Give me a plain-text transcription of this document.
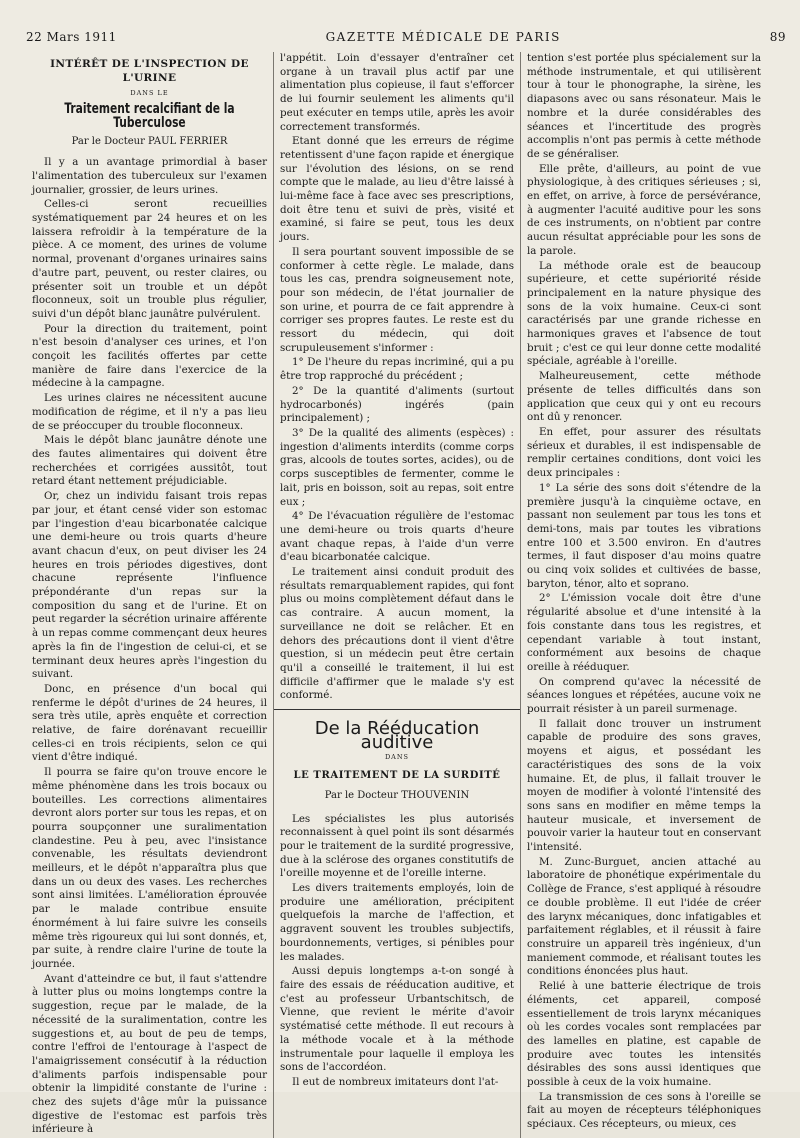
22 Mars 1911	GAZETTE MÉDICALE DE PARIS	89
INTÉRÊT DE L'INSPECTION DE L'URINE
DANS LE
Traitement recalcifiant de la Tuberculose
Par le Docteur PAUL FERRIER

Il y a un avantage primordial à baser l'alimentation des tuberculeux sur l'examen journalier, grossier, de leurs urines.

Celles-ci seront recueillies systématiquement par 24 heures et on les laissera refroidir à la température de la pièce. A ce moment, des urines de volume normal, provenant d'organes urinaires sains d'autre part, peuvent, ou rester claires, ou présenter soit un trouble et un dépôt floconneux, soit un trouble plus régulier, suivi d'un dépôt blanc jaunâtre pulvérulent.

Pour la direction du traitement, point n'est besoin d'analyser ces urines, et l'on conçoit les facilités offertes par cette manière de faire dans l'exercice de la médecine à la campagne.

Les urines claires ne nécessitent aucune modification de régime, et il n'y a pas lieu de se préoccuper du trouble floconneux.

Mais le dépôt blanc jaunâtre dénote une des fautes alimentaires qui doivent être recherchées et corrigées aussitôt, tout retard étant nettement préjudiciable.

Or, chez un individu faisant trois repas par jour, et étant censé vider son estomac par l'ingestion d'eau bicarbonatée calcique une demi-heure ou trois quarts d'heure avant chacun d'eux, on peut diviser les 24 heures en trois périodes digestives, dont chacune représente l'influence prépondérante d'un repas sur la composition du sang et de l'urine. Et on peut regarder la sécrétion urinaire afférente à un repas comme commençant deux heures après la fin de l'ingestion de celui-ci, et se terminant deux heures après l'ingestion du suivant.

Donc, en présence d'un bocal qui renferme le dépôt d'urines de 24 heures, il sera très utile, après enquête et correction relative, de faire dorénavant recueillir celles-ci en trois récipients, selon ce qui vient d'être indiqué.

Il pourra se faire qu'on trouve encore le même phénomène dans les trois bocaux ou bouteilles. Les corrections alimentaires devront alors porter sur tous les repas, et on pourra soupçonner une suralimentation clandestine. Peu à peu, avec l'insistance convenable, les résultats deviendront meilleurs, et le dépôt n'apparaîtra plus que dans un ou deux des vases. Les recherches sont ainsi limitées. L'amélioration éprouvée par le malade contribue ensuite énormément à lui faire suivre les conseils même très rigoureux qui lui sont donnés, et, par suite, à rendre claire l'urine de toute la journée.

Avant d'atteindre ce but, il faut s'attendre à lutter plus ou moins longtemps contre la suggestion, reçue par le malade, de la nécessité de la suralimentation, contre les suggestions et, au bout de peu de temps, contre l'effroi de l'entourage à l'aspect de l'amaigrissement consécutif à la réduction d'aliments parfois indispensable pour obtenir la limpidité constante de l'urine : chez des sujets d'âge mûr la puissance digestive de l'estomac est parfois très inférieure à

l'appétit. Loin d'essayer d'entraîner cet organe à un travail plus actif par une alimentation plus copieuse, il faut s'efforcer de lui fournir seulement les aliments qu'il peut exécuter en temps utile, après les avoir correctement transformés.

Etant donné que les erreurs de régime retentissent d'une façon rapide et énergique sur l'évolution des lésions, on se rend compte que le malade, au lieu d'être laissé à lui-même face à face avec ses prescriptions, doit être tenu et suivi de près, visité et examiné, si faire se peut, tous les deux jours.

Il sera pourtant souvent impossible de se conformer à cette règle. Le malade, dans tous les cas, prendra soigneusement note, pour son médecin, de l'état journalier de son urine, et pourra de ce fait apprendre à corriger ses propres fautes. Le reste est du ressort du médecin, qui doit scrupuleusement s'informer :

1° De l'heure du repas incriminé, qui a pu être trop rapproché du précédent ;

2° De la quantité d'aliments (surtout hydrocarbonés) ingérés (pain principalement) ;

3° De la qualité des aliments (espèces) : ingestion d'aliments interdits (comme corps gras, alcools de toutes sortes, acides), ou de corps susceptibles de fermenter, comme le lait, pris en boisson, soit au repas, soit entre eux ;

4° De l'évacuation régulière de l'estomac une demi-heure ou trois quarts d'heure avant chaque repas, à l'aide d'un verre d'eau bicarbonatée calcique.

Le traitement ainsi conduit produit des résultats remarquablement rapides, qui font plus ou moins complètement défaut dans le cas contraire. A aucun moment, la surveillance ne doit se relâcher. Et en dehors des précautions dont il vient d'être question, si un médecin peut être certain qu'il a conseillé le traitement, il lui est difficile d'affirmer que le malade s'y est conformé.

De la Rééducation auditive
DANS
LE TRAITEMENT DE LA SURDITÉ
Par le Docteur THOUVENIN

Les spécialistes les plus autorisés reconnaissent à quel point ils sont désarmés pour le traitement de la surdité progressive, due à la sclérose des organes constitutifs de l'oreille moyenne et de l'oreille interne.

Les divers traitements employés, loin de produire une amélioration, précipitent quelquefois la marche de l'affection, et aggravent souvent les troubles subjectifs, bourdonnements, vertiges, si pénibles pour les malades.

Aussi depuis longtemps a-t-on songé à faire des essais de rééducation auditive, et c'est au professeur Urbantschitsch, de Vienne, que revient le mérite d'avoir systématisé cette méthode. Il eut recours à la méthode vocale et à la méthode instrumentale pour laquelle il employa les sons de l'accordéon.

Il eut de nombreux imitateurs dont l'at-

tention s'est portée plus spécialement sur la méthode instrumentale, et qui utilisèrent tour à tour le phonographe, la sirène, les diapasons avec ou sans résonateur. Mais le nombre et la durée considérables des séances et l'incertitude des progrès accomplis n'ont pas permis à cette méthode de se généraliser.

Elle prête, d'ailleurs, au point de vue physiologique, à des critiques sérieuses ; si, en effet, on arrive, à force de persévérance, à augmenter l'acuité auditive pour les sons de ces instruments, on n'obtient par contre aucun résultat appréciable pour les sons de la parole.

La méthode orale est de beaucoup supérieure, et cette supériorité réside principalement en la nature physique des sons de la voix humaine. Ceux-ci sont caractérisés par une grande richesse en harmoniques graves et l'absence de tout bruit ; c'est ce qui leur donne cette modalité spéciale, agréable à l'oreille.

Malheureusement, cette méthode présente de telles difficultés dans son application que ceux qui y ont eu recours ont dû y renoncer.

En effet, pour assurer des résultats sérieux et durables, il est indispensable de remplir certaines conditions, dont voici les deux principales :

1° La série des sons doit s'étendre de la première jusqu'à la cinquième octave, en passant non seulement par tous les tons et demi-tons, mais par toutes les vibrations entre 100 et 3.500 environ. En d'autres termes, il faut disposer d'au moins quatre ou cinq voix solides et cultivées de basse, baryton, ténor, alto et soprano.

2° L'émission vocale doit être d'une régularité absolue et d'une intensité à la fois constante dans tous les registres, et cependant variable à tout instant, conformément aux besoins de chaque oreille à rééduquer.

On comprend qu'avec la nécessité de séances longues et répétées, aucune voix ne pourrait résister à un pareil surmenage.

Il fallait donc trouver un instrument capable de produire des sons graves, moyens et aigus, et possédant les caractéristiques des sons de la voix humaine. Et, de plus, il fallait trouver le moyen de modifier à volonté l'intensité des sons sans en modifier en même temps la hauteur musicale, et inversement de pouvoir varier la hauteur tout en conservant l'intensité.

M. Zunc-Burguet, ancien attaché au laboratoire de phonétique expérimentale du Collège de France, s'est appliqué à résoudre ce double problème. Il eut l'idée de créer des larynx mécaniques, donc infatigables et parfaitement réglables, et il réussit à faire construire un appareil très ingénieux, d'un maniement commode, et réalisant toutes les conditions énoncées plus haut.

Relié à une batterie électrique de trois éléments, cet appareil, composé essentiellement de trois larynx mécaniques où les cordes vocales sont remplacées par des lamelles en platine, est capable de produire avec toutes les intensités désirables des sons aussi identiques que possible à ceux de la voix humaine.

La transmission de ces sons à l'oreille se fait au moyen de récepteurs téléphoniques spéciaux. Ces récepteurs, ou mieux, ces
